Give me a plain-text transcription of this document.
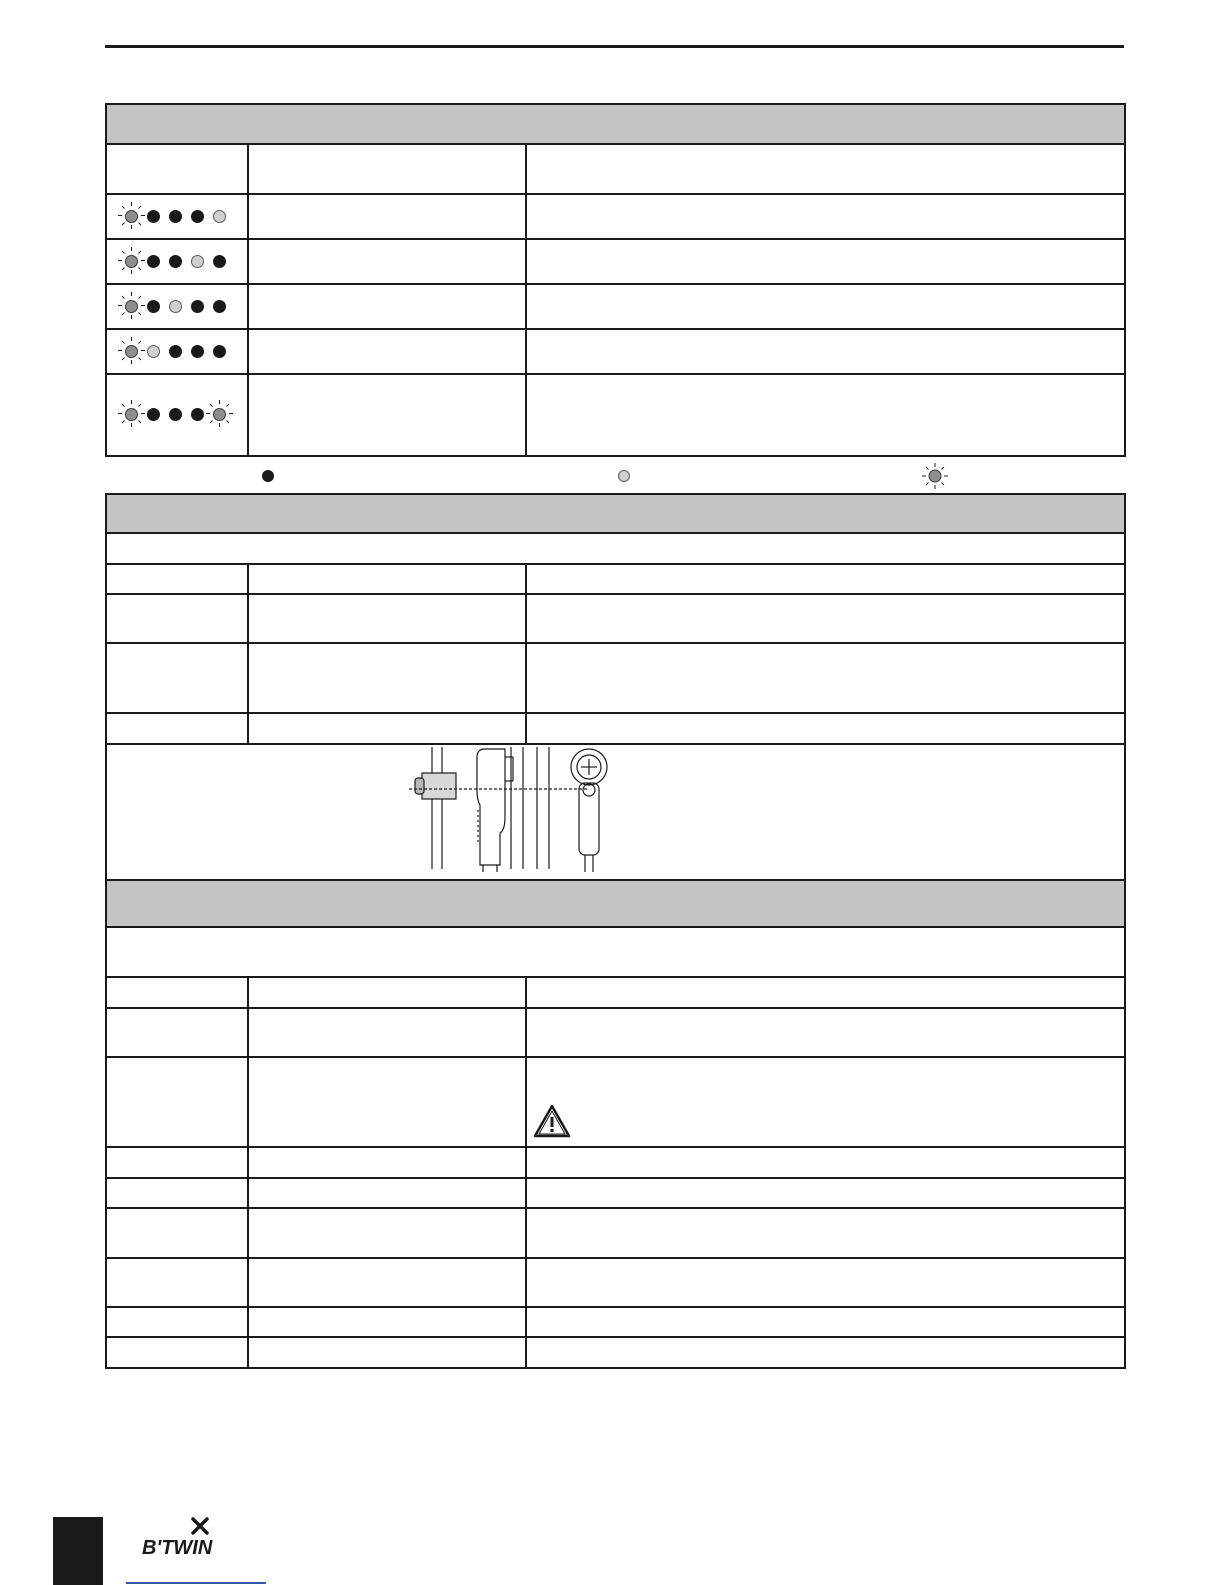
B'TWIN
